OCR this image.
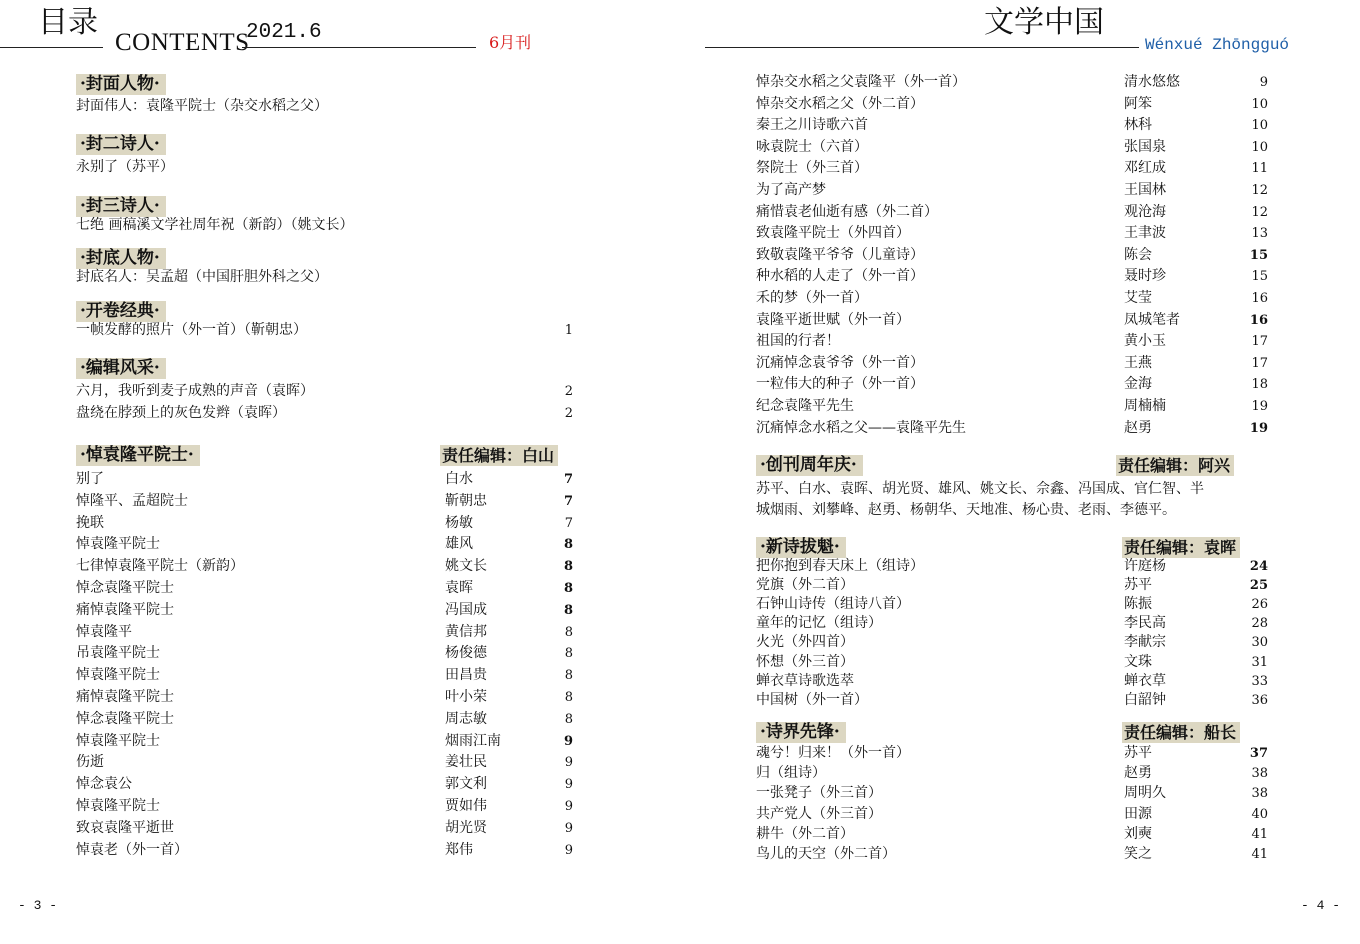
目录
CONTENTS
2021.6	6月刊
文学中国
Wénxué Zhōngguó
·封面人物·
封面伟人：袁隆平院士（杂交水稻之父）
·封二诗人·
永别了（苏平）
·封三诗人·
七绝 画稿溪文学社周年祝（新韵）（姚文长）
·封底人物·
封底名人：吴孟超（中国肝胆外科之父）
·开卷经典·
一帧发酵的照片（外一首）（靳朝忠）	1
·编辑风采·
六月，我听到麦子成熟的声音（袁晖）	2
盘绕在脖颈上的灰色发辫（袁晖）	2
·悼袁隆平院士·	责任编辑：白山
别了	白水	7
悼隆平、孟超院士	靳朝忠	7
挽联	杨敏	7
悼袁隆平院士	雄风	8
七律悼袁隆平院士（新韵）	姚文长	8
悼念袁隆平院士	袁晖	8
痛悼袁隆平院士	冯国成	8
悼袁隆平	黄信邦	8
吊袁隆平院士	杨俊德	8
悼袁隆平院士	田昌贵	8
痛悼袁隆平院士	叶小荣	8
悼念袁隆平院士	周志敏	8
悼袁隆平院士	烟雨江南	9
伤逝	姜壮民	9
悼念袁公	郭文利	9
悼袁隆平院士	贾如伟	9
致哀袁隆平逝世	胡光贤	9
悼袁老（外一首）	郑伟	9
悼杂交水稻之父袁隆平（外一首）	清水悠悠	9
悼杂交水稻之父（外二首）	阿笨	10
秦王之川诗歌六首	林科	10
咏袁院士（六首）	张国泉	10
祭院士（外三首）	邓红成	11
为了高产梦	王国林	12
痛惜袁老仙逝有感（外二首）	观沧海	12
致袁隆平院士（外四首）	王聿波	13
致敬袁隆平爷爷（儿童诗）	陈会	15
种水稻的人走了（外一首）	聂时珍	15
禾的梦（外一首）	艾莹	16
袁隆平逝世赋（外一首）	凤城笔者	16
祖国的行者！	黄小玉	17
沉痛悼念袁爷爷（外一首）	王燕	17
一粒伟大的种子（外一首）	金海	18
纪念袁隆平先生	周楠楠	19
沉痛悼念水稻之父——袁隆平先生	赵勇	19
·创刊周年庆·	责任编辑：阿兴
苏平、白水、袁晖、胡光贤、雄风、姚文长、佘鑫、冯国成、官仁智、半
城烟雨、刘攀峰、赵勇、杨朝华、天地准、杨心贵、老雨、李德平。
·新诗拔魁·	责任编辑：袁晖
把你抱到春天床上（组诗）	许庭杨	24
党旗（外二首）	苏平	25
石钟山诗传（组诗八首）	陈振	26
童年的记忆（组诗）	李民高	28
火光（外四首）	李献宗	30
怀想（外三首）	文珠	31
蝉衣草诗歌选萃	蝉衣草	33
中国树（外一首）	白韶钟	36
·诗界先锋·	责任编辑：船长
魂兮！归来！（外一首）	苏平	37
归（组诗）	赵勇	38
一张凳子（外三首）	周明久	38
共产党人（外三首）	田源	40
耕牛（外二首）	刘奭	41
鸟儿的天空（外二首）	笑之	41
- 3 -	- 4 -
